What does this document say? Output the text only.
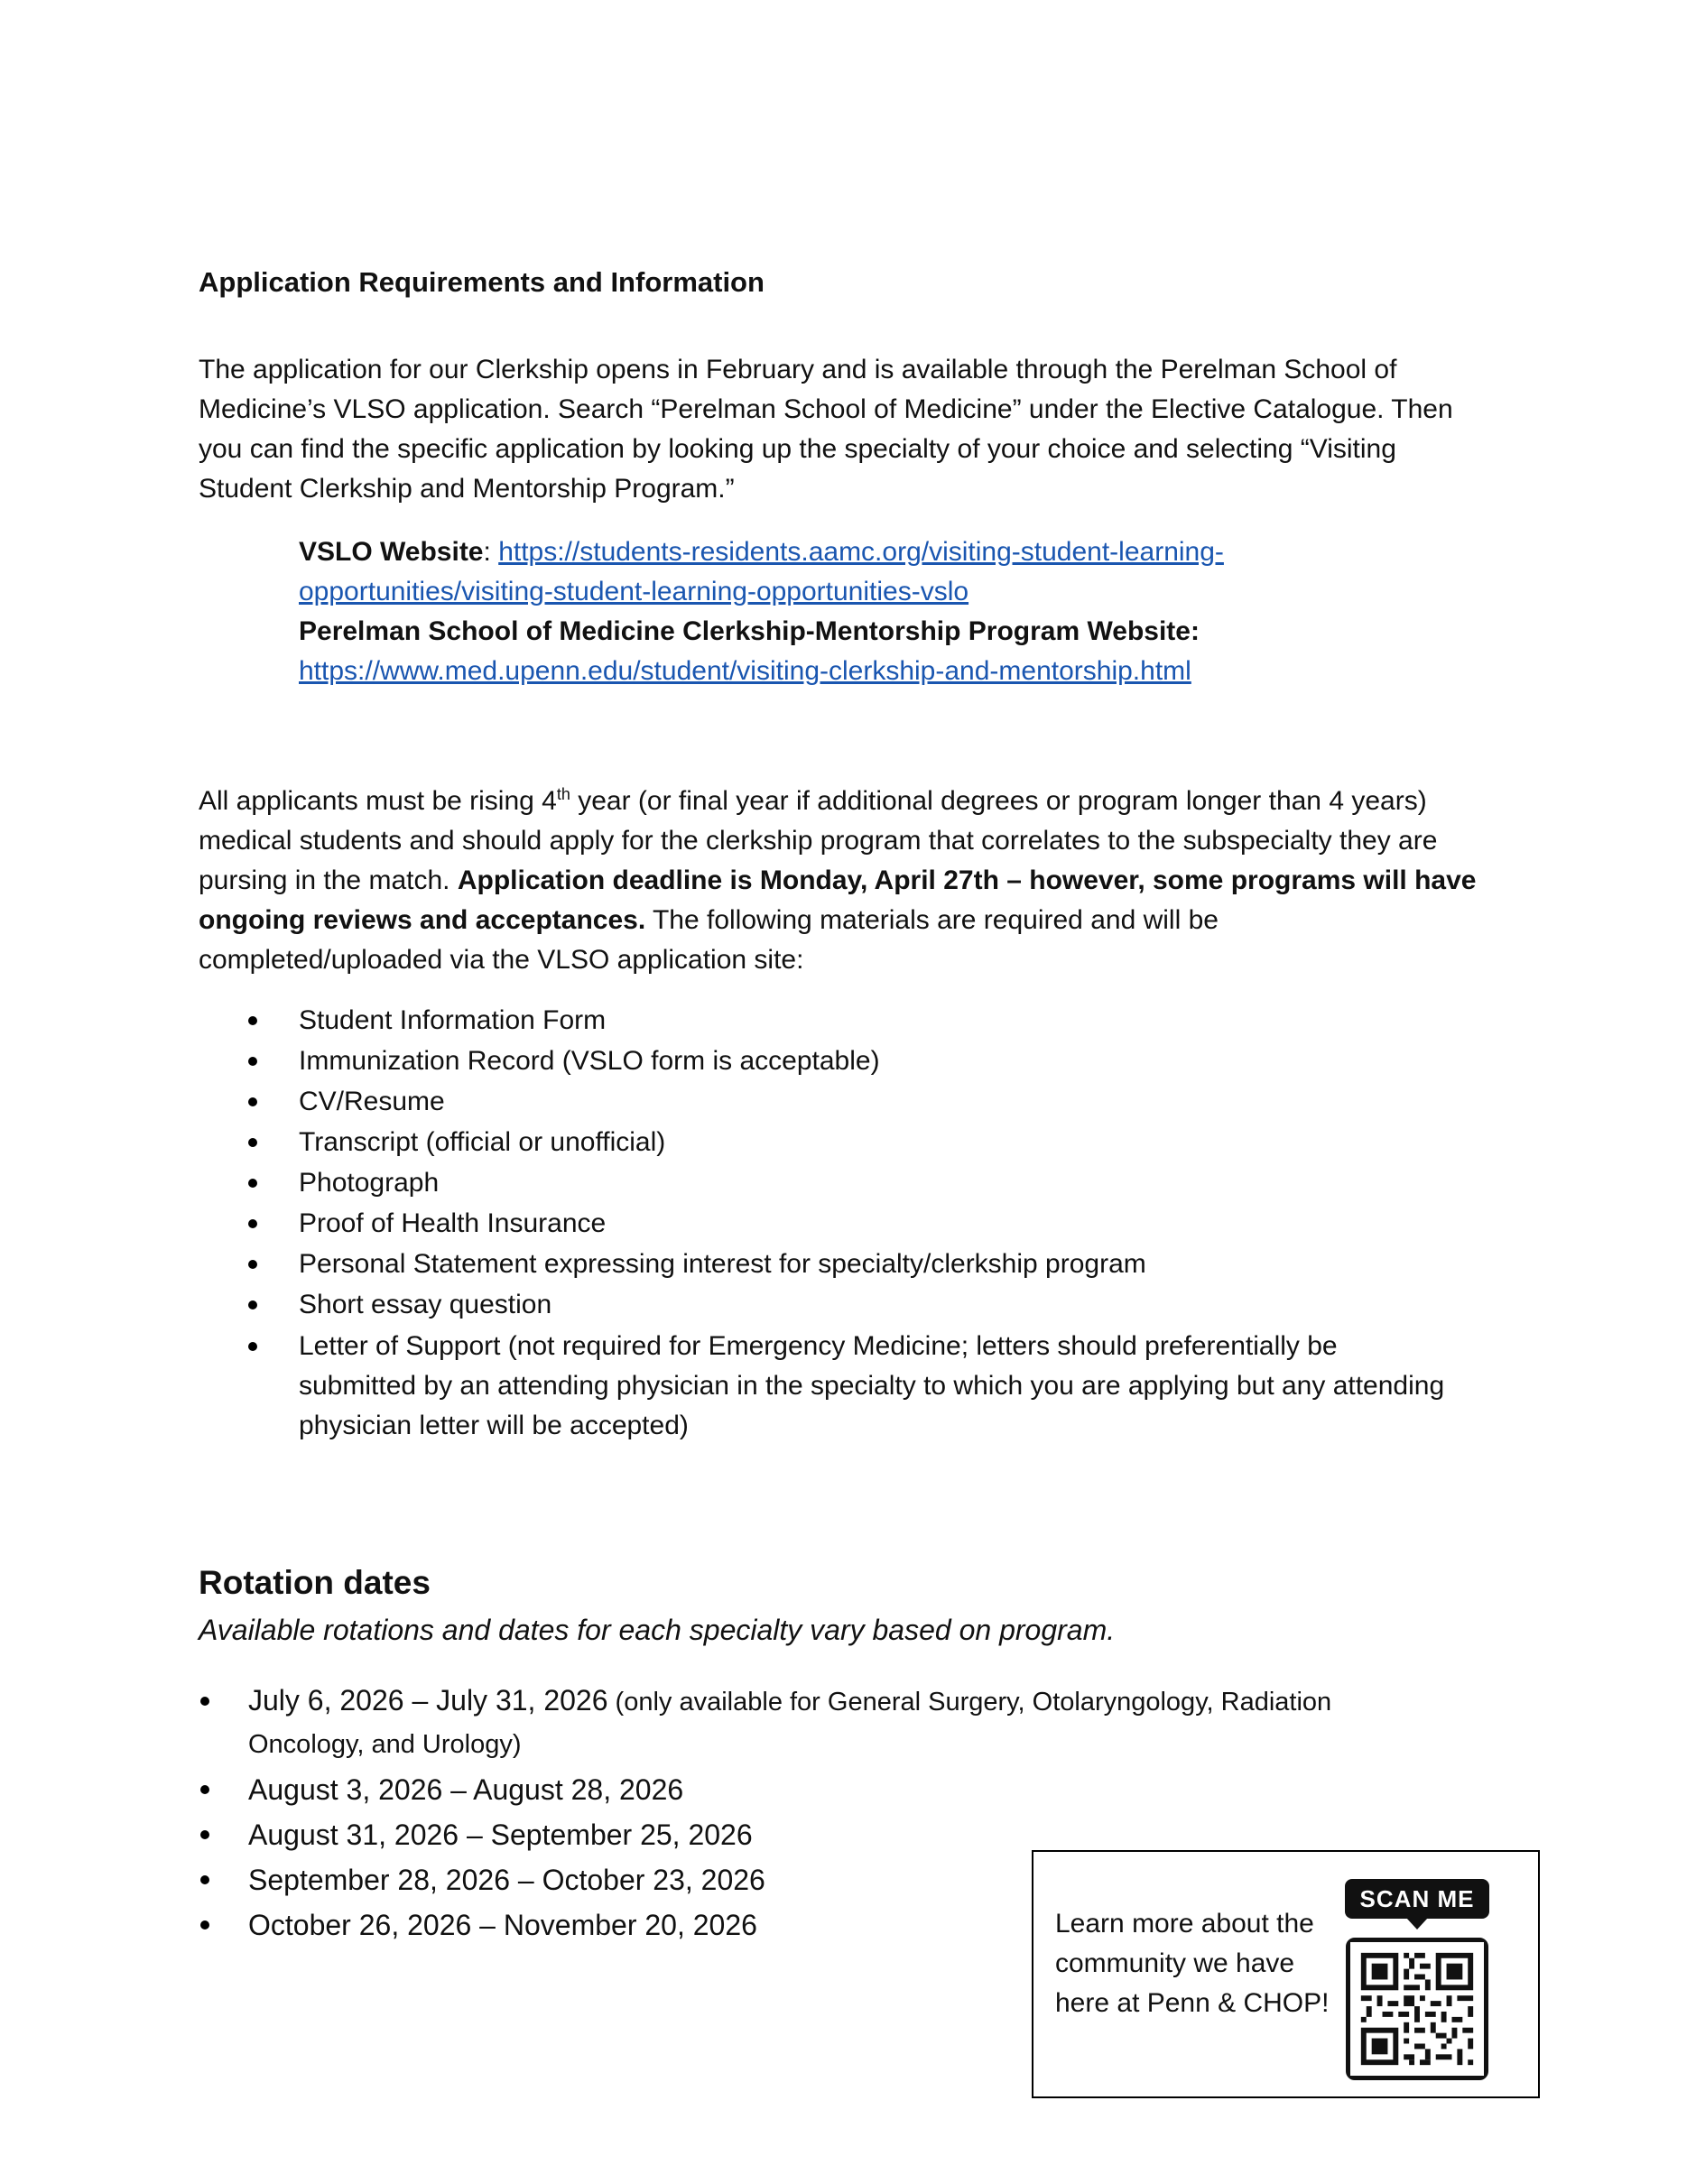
Application Requirements and Information

The application for our Clerkship opens in February and is available through the Perelman School of

Medicine’s VLSO application. Search “Perelman School of Medicine” under the Elective Catalogue. Then

you can find the specific application by looking up the specialty of your choice and selecting “Visiting

Student Clerkship and Mentorship Program.”

VSLO Website: https://students-residents.aamc.org/visiting-student-learning-

opportunities/visiting-student-learning-opportunities-vslo

Perelman School of Medicine Clerkship-Mentorship Program Website:

https://www.med.upenn.edu/student/visiting-clerkship-and-mentorship.html

All applicants must be rising 4th year (or final year if additional degrees or program longer than 4 years)

medical students and should apply for the clerkship program that correlates to the subspecialty they are

pursing in the match. Application deadline is Monday, April 27th – however, some programs will have

ongoing reviews and acceptances. The following materials are required and will be

completed/uploaded via the VLSO application site:

Student Information Form
Immunization Record (VSLO form is acceptable)
CV/Resume
Transcript (official or unofficial)
Photograph
Proof of Health Insurance
Personal Statement expressing interest for specialty/clerkship program
Short essay question
Letter of Support (not required for Emergency Medicine; letters should preferentially be
submitted by an attending physician in the specialty to which you are applying but any attending
physician letter will be accepted)
Rotation dates
Available rotations and dates for each specialty vary based on program.
July 6, 2026 – July 31, 2026 (only available for General Surgery, Otolaryngology, Radiation
Oncology, and Urology)
August 3, 2026 – August 28, 2026
August 31, 2026 – September 25, 2026
September 28, 2026 – October 23, 2026
October 26, 2026 – November 20, 2026	Learn more about the
community we have
here at Penn & CHOP!
SCAN ME
